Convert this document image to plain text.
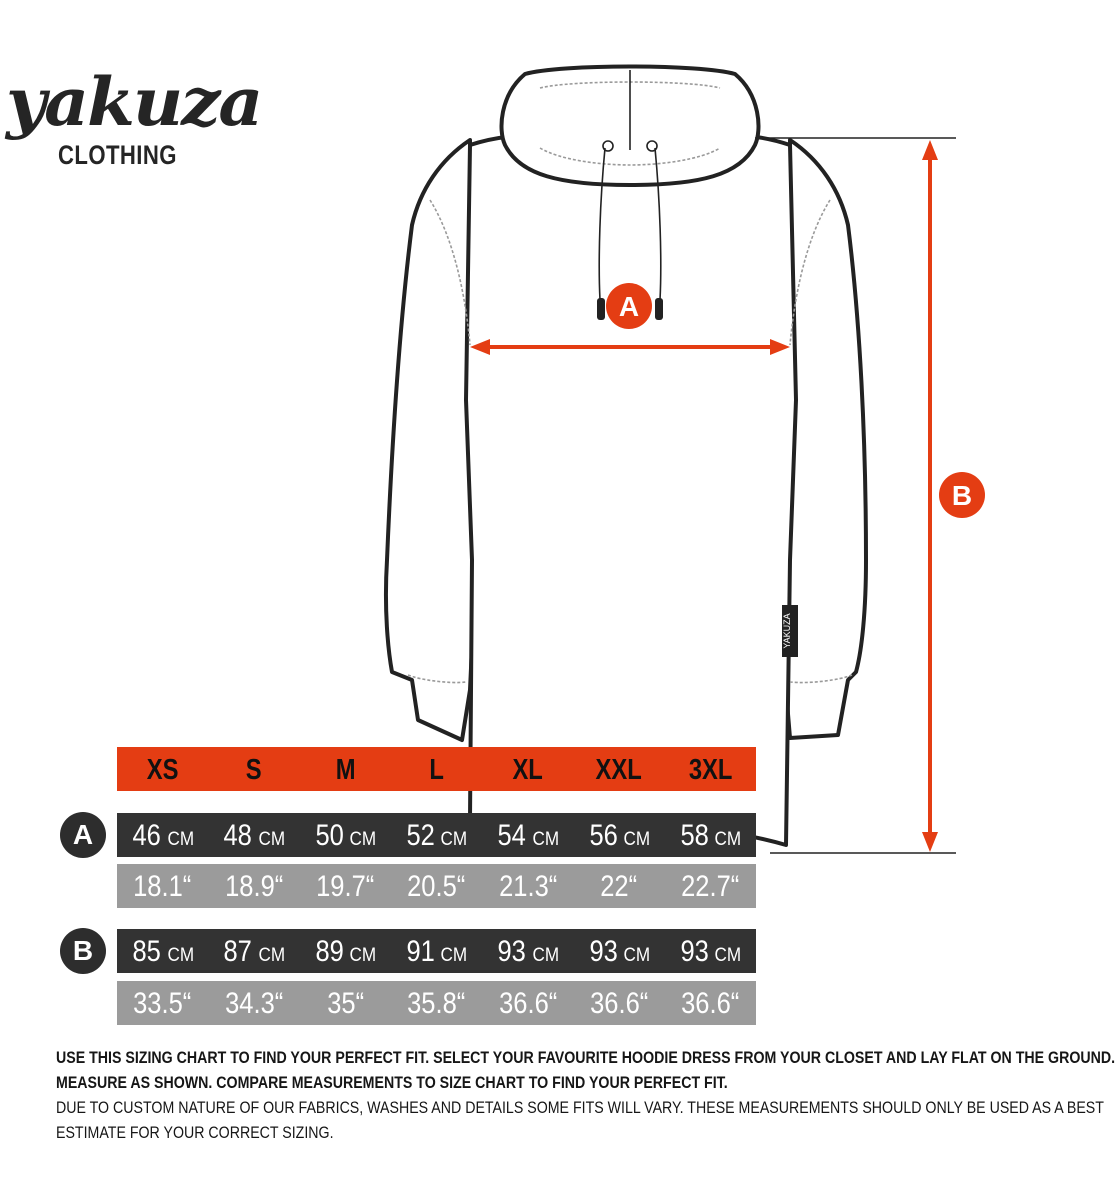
yakuza
CLOTHING
YAKUZA
A
B
XS	S	M	L	XL	XXL	3XL
A	46 CM	48 CM	50 CM	52 CM	54 CM	56 CM	58 CM
18.1“	18.9“	19.7“	20.5“	21.3“	22“	22.7“
B	85 CM	87 CM	89 CM	91 CM	93 CM	93 CM	93 CM
33.5“	34.3“	35“	35.8“	36.6“	36.6“	36.6“
USE THIS SIZING CHART TO FIND YOUR PERFECT FIT. SELECT YOUR FAVOURITE HOODIE DRESS FROM YOUR CLOSET AND LAY FLAT ON THE GROUND.
MEASURE AS SHOWN. COMPARE MEASUREMENTS TO SIZE CHART TO FIND YOUR PERFECT FIT.
DUE TO CUSTOM NATURE OF OUR FABRICS, WASHES AND DETAILS SOME FITS WILL VARY. THESE MEASUREMENTS SHOULD ONLY BE USED AS A BEST
ESTIMATE FOR YOUR CORRECT SIZING.
